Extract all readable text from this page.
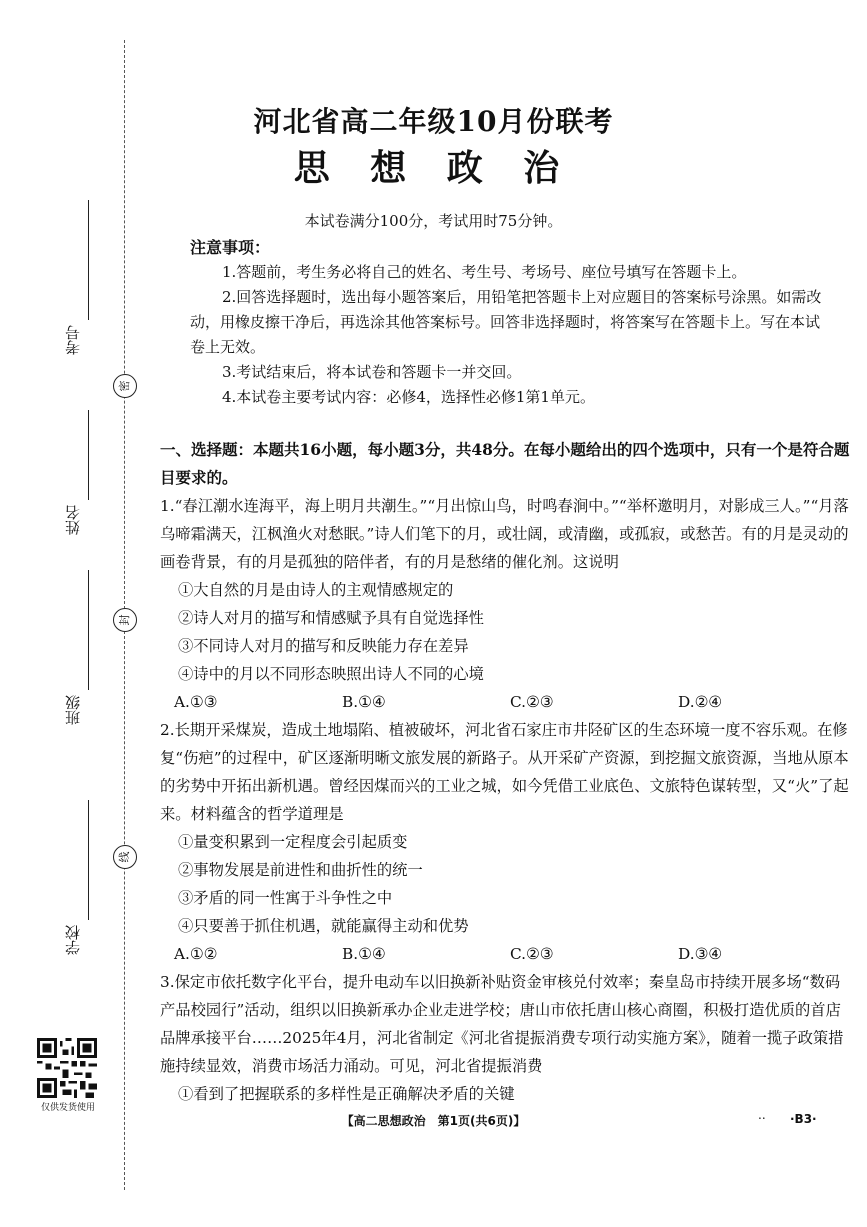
考号
姓名
班级
学校
密
封
线
仅供发货使用
河北省高二年级10月份联考
思 想 政 治
本试卷满分100分，考试用时75分钟。
注意事项：

1.答题前，考生务必将自己的姓名、考生号、考场号、座位号填写在答题卡上。

2.回答选择题时，选出每小题答案后，用铅笔把答题卡上对应题目的答案标号涂黑。如需改动，用橡皮擦干净后，再选涂其他答案标号。回答非选择题时，将答案写在答题卡上。写在本试卷上无效。

3.考试结束后，将本试卷和答题卡一并交回。

4.本试卷主要考试内容：必修4，选择性必修1第1单元。

一、选择题：本题共16小题，每小题3分，共48分。在每小题给出的四个选项中，只有一个是符合题目要求的。

1.“春江潮水连海平，海上明月共潮生。”“月出惊山鸟，时鸣春涧中。”“举杯邀明月，对影成三人。”“月落乌啼霜满天，江枫渔火对愁眠。”诗人们笔下的月，或壮阔，或清幽，或孤寂，或愁苦。有的月是灵动的画卷背景，有的月是孤独的陪伴者，有的月是愁绪的催化剂。这说明

①大自然的月是由诗人的主观情感规定的

②诗人对月的描写和情感赋予具有自觉选择性

③不同诗人对月的描写和反映能力存在差异

④诗中的月以不同形态映照出诗人不同的心境

A.①③	B.①④	C.②③	D.②④

2.长期开采煤炭，造成土地塌陷、植被破坏，河北省石家庄市井陉矿区的生态环境一度不容乐观。在修复“伤疤”的过程中，矿区逐渐明晰文旅发展的新路子。从开采矿产资源，到挖掘文旅资源，当地从原本的劣势中开拓出新机遇。曾经因煤而兴的工业之城，如今凭借工业底色、文旅特色谋转型，又“火”了起来。材料蕴含的哲学道理是

①量变积累到一定程度会引起质变

②事物发展是前进性和曲折性的统一

③矛盾的同一性寓于斗争性之中

④只要善于抓住机遇，就能赢得主动和优势

A.①②	B.①④	C.②③	D.③④

3.保定市依托数字化平台，提升电动车以旧换新补贴资金审核兑付效率；秦皇岛市持续开展多场“数码产品校园行”活动，组织以旧换新承办企业走进学校；唐山市依托唐山核心商圈，积极打造优质的首店品牌承接平台……2025年4月，河北省制定《河北省提振消费专项行动实施方案》，随着一揽子政策措施持续显效，消费市场活力涌动。可见，河北省提振消费

①看到了把握联系的多样性是正确解决矛盾的关键

【高二思想政治　第1页(共6页)】	.. ·B3·
